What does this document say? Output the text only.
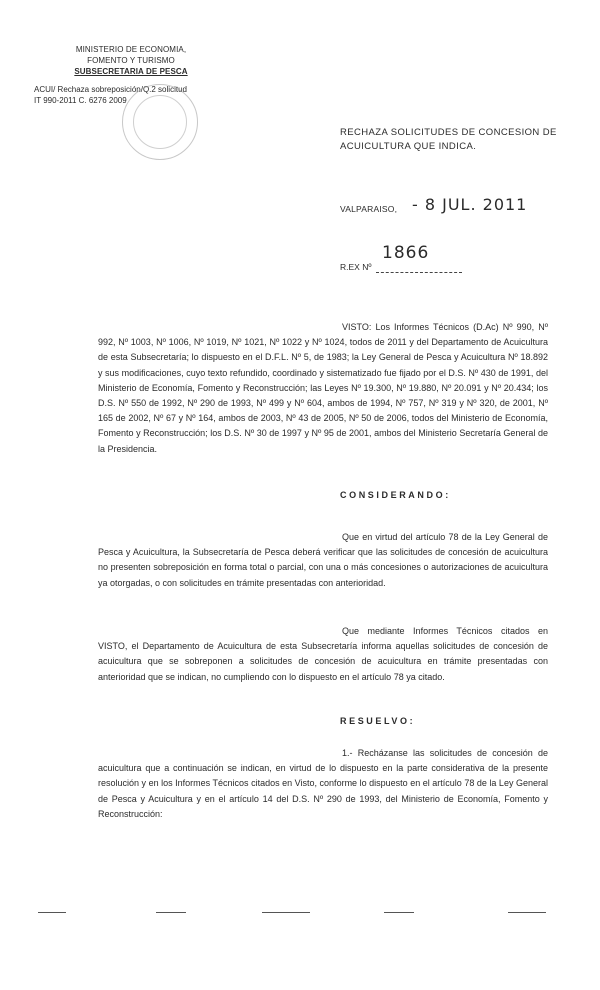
MINISTERIO DE ECONOMIA,
FOMENTO Y TURISMO
SUBSECRETARIA DE PESCA
ACUI/ Rechaza sobreposición/Q.2 solicitud
IT 990-2011 C. 6276 2009
RECHAZA SOLICITUDES DE CONCESION DE ACUICULTURA QUE INDICA.
VALPARAISO, - 8 JUL. 2011
R.EX Nº
1866
VISTO: Los Informes Técnicos (D.Ac) Nº 990, Nº 992, Nº 1003, Nº 1006, Nº 1019, Nº 1021, Nº 1022 y Nº 1024, todos de 2011 y del Departamento de Acuicultura de esta Subsecretaría; lo dispuesto en el D.F.L. Nº 5, de 1983; la Ley General de Pesca y Acuicultura Nº 18.892 y sus modificaciones, cuyo texto refundido, coordinado y sistematizado fue fijado por el D.S. Nº 430 de 1991, del Ministerio de Economía, Fomento y Reconstrucción; las Leyes Nº 19.300, Nº 19.880, Nº 20.091 y Nº 20.434; los D.S. Nº 550 de 1992, Nº 290 de 1993, Nº 499 y Nº 604, ambos de 1994, Nº 757, Nº 319 y Nº 320, de 2001, Nº 165 de 2002, Nº 67 y Nº 164, ambos de 2003, Nº 43 de 2005, Nº 50 de 2006, todos del Ministerio de Economía, Fomento y Reconstrucción; los D.S. Nº 30 de 1997 y Nº 95 de 2001, ambos del Ministerio Secretaría General de la Presidencia.
CONSIDERANDO:
Que en virtud del artículo 78 de la Ley General de Pesca y Acuicultura, la Subsecretaría de Pesca deberá verificar que las solicitudes de concesión de acuicultura no presenten sobreposición en forma total o parcial, con una o más concesiones o autorizaciones de acuicultura ya otorgadas, o con solicitudes en trámite presentadas con anterioridad.
Que mediante Informes Técnicos citados en VISTO, el Departamento de Acuicultura de esta Subsecretaría informa aquellas solicitudes de concesión de acuicultura que se sobreponen a solicitudes de concesión de acuicultura en trámite presentadas con anterioridad que se indican, no cumpliendo con lo dispuesto en el artículo 78 ya citado.
RESUELVO:
1.- Recházanse las solicitudes de concesión de acuicultura que a continuación se indican, en virtud de lo dispuesto en la parte considerativa de la presente resolución y en los Informes Técnicos citados en Visto, conforme lo dispuesto en el artículo 78 de la Ley General de Pesca y Acuicultura y en el artículo 14 del D.S. Nº 290 de 1993, del Ministerio de Economía, Fomento y Reconstrucción:
